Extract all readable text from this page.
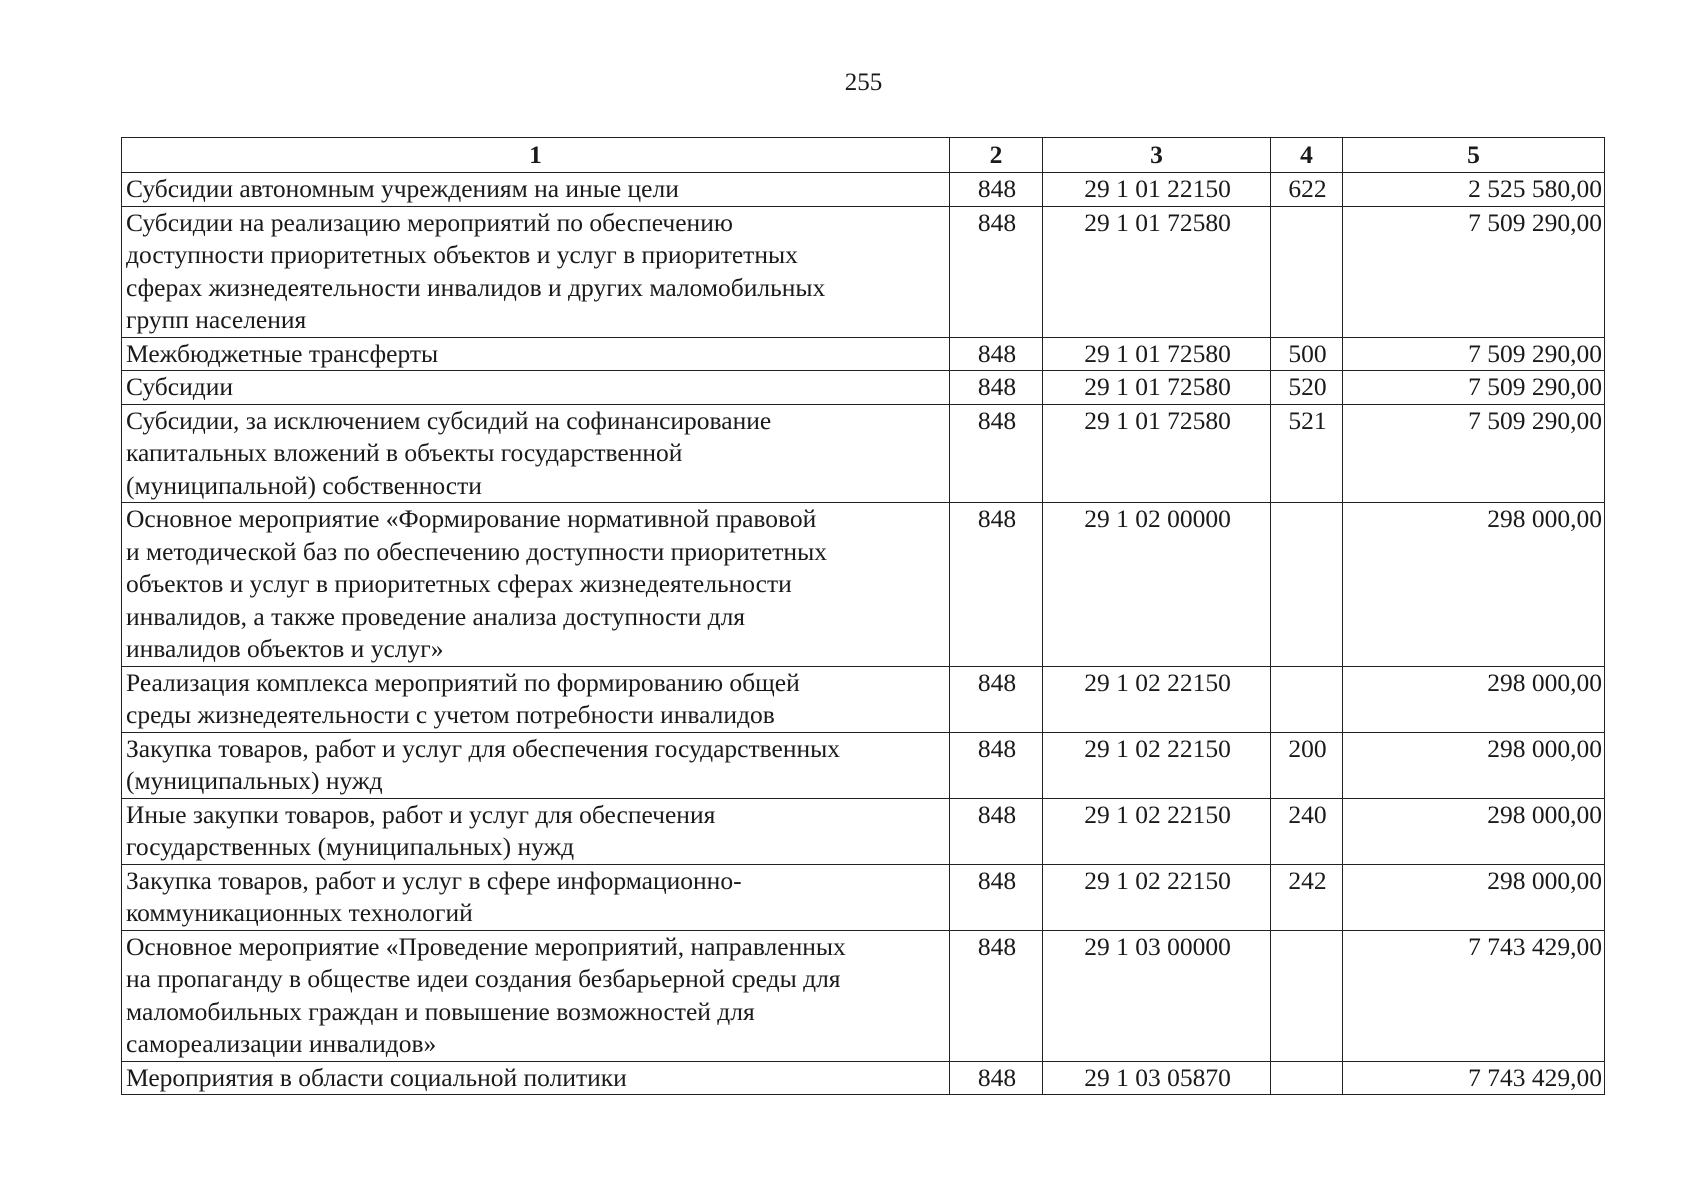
255
1	2	3	4	5

Субсидии автономным учреждениям на иные цели	848	29 1 01 22150	622	2 525 580,00

Субсидии на реализацию мероприятий по обеспечению
доступности приоритетных объектов и услуг в приоритетных
сферах жизнедеятельности инвалидов и других маломобильных
групп населения	848	29 1 01 72580		7 509 290,00

Межбюджетные трансферты	848	29 1 01 72580	500	7 509 290,00

Субсидии	848	29 1 01 72580	520	7 509 290,00

Субсидии, за исключением субсидий на софинансирование
капитальных вложений в объекты государственной
(муниципальной) собственности	848	29 1 01 72580	521	7 509 290,00

Основное мероприятие «Формирование нормативной правовой
и методической баз по обеспечению доступности приоритетных
объектов и услуг в приоритетных сферах жизнедеятельности
инвалидов, а также проведение анализа доступности для
инвалидов объектов и услуг»	848	29 1 02 00000		298 000,00

Реализация комплекса мероприятий по формированию общей
среды жизнедеятельности с учетом потребности инвалидов	848	29 1 02 22150		298 000,00

Закупка товаров, работ и услуг для обеспечения государственных
(муниципальных) нужд	848	29 1 02 22150	200	298 000,00

Иные закупки товаров, работ и услуг для обеспечения
государственных (муниципальных) нужд	848	29 1 02 22150	240	298 000,00

Закупка товаров, работ и услуг в сфере информационно-
коммуникационных технологий	848	29 1 02 22150	242	298 000,00

Основное мероприятие «Проведение мероприятий, направленных
на пропаганду в обществе идеи создания безбарьерной среды для
маломобильных граждан и повышение возможностей для
самореализации инвалидов»	848	29 1 03 00000		7 743 429,00

Мероприятия в области социальной политики	848	29 1 03 05870		7 743 429,00
